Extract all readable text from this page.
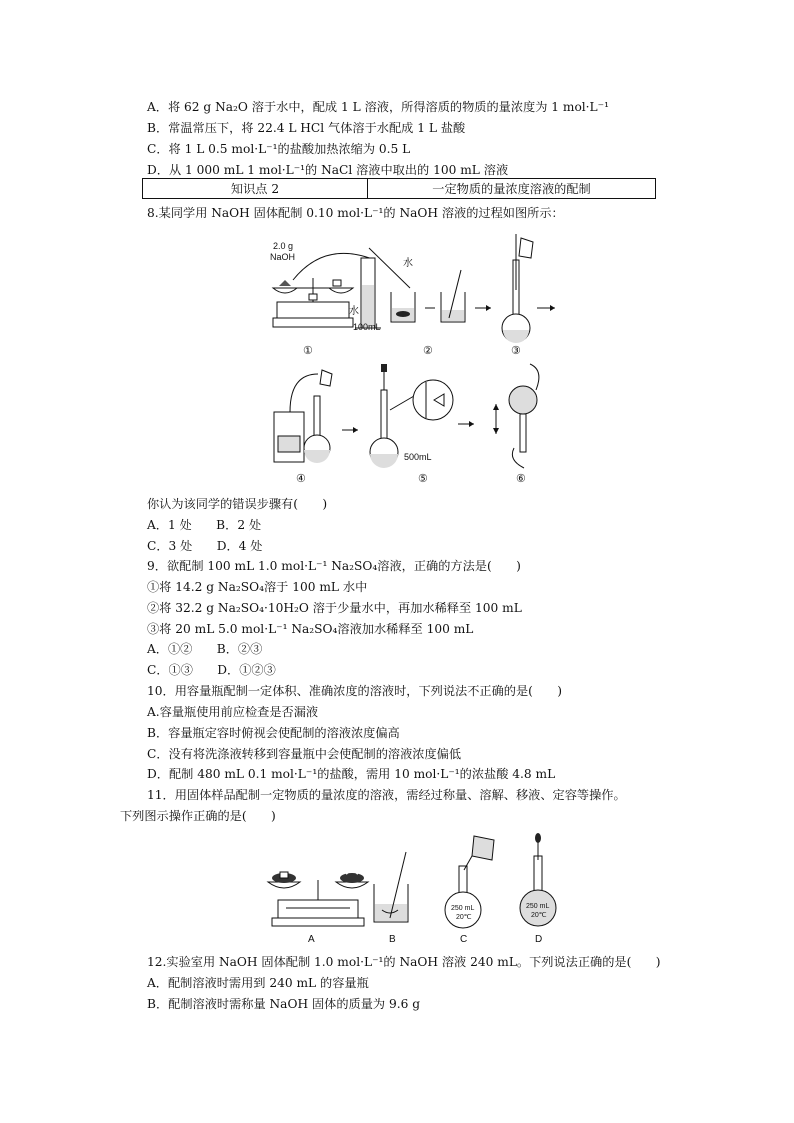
A．将 62 g Na₂O 溶于水中，配成 1 L 溶液，所得溶质的物质的量浓度为 1 mol·L⁻¹
B．常温常压下，将 22.4 L HCl 气体溶于水配成 1 L 盐酸
C．将 1 L 0.5 mol·L⁻¹的盐酸加热浓缩为 0.5 L
D．从 1 000 mL 1 mol·L⁻¹的 NaCl 溶液中取出的 100 mL 溶液
知识点 2	一定物质的量浓度溶液的配制
8.某同学用 NaOH 固体配制 0.10 mol·L⁻¹的 NaOH 溶液的过程如图所示：
2.0 g
NaOH
水
水
100mL
①	②	③
500mL
④	⑤	⑥
你认为该同学的错误步骤有(　　)
A．1 处　　B．2 处
C．3 处　　D．4 处
9．欲配制 100 mL 1.0 mol·L⁻¹ Na₂SO₄溶液，正确的方法是(　　)
①将 14.2 g Na₂SO₄溶于 100 mL 水中
②将 32.2 g Na₂SO₄·10H₂O 溶于少量水中，再加水稀释至 100 mL
③将 20 mL 5.0 mol·L⁻¹ Na₂SO₄溶液加水稀释至 100 mL
A．①②　　B．②③
C．①③　　D．①②③
10．用容量瓶配制一定体积、准确浓度的溶液时，下列说法不正确的是(　　)
A.容量瓶使用前应检查是否漏液
B．容量瓶定容时俯视会使配制的溶液浓度偏高
C．没有将洗涤液转移到容量瓶中会使配制的溶液浓度偏低
D．配制 480 mL 0.1 mol·L⁻¹的盐酸，需用 10 mol·L⁻¹的浓盐酸 4.8 mL
11．用固体样品配制一定物质的量浓度的溶液，需经过称量、溶解、移液、定容等操作。
下列图示操作正确的是(　　)
A	B
250 mL
20℃
C
250 mL
20℃
D
12.实验室用 NaOH 固体配制 1.0 mol·L⁻¹的 NaOH 溶液 240 mL。下列说法正确的是(　　)
A．配制溶液时需用到 240 mL 的容量瓶
B．配制溶液时需称量 NaOH 固体的质量为 9.6 g
